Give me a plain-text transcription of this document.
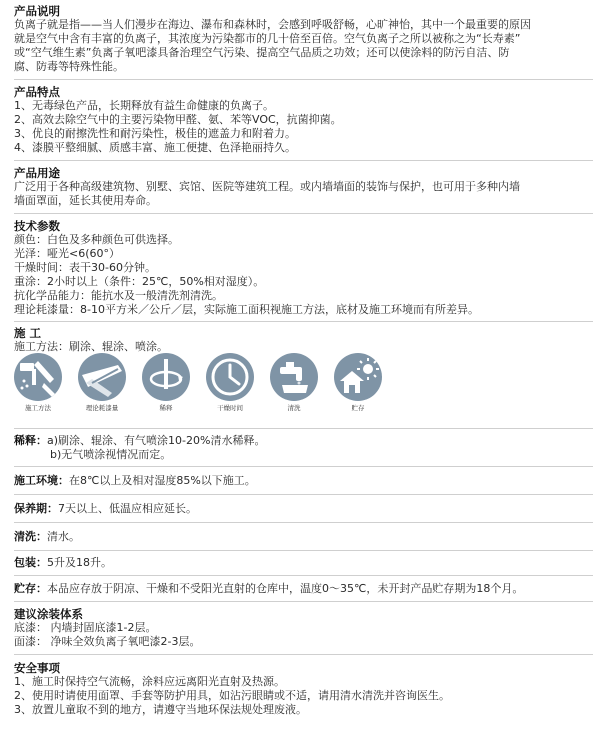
产品说明
负离子就是指——当人们漫步在海边、瀑布和森林时，会感到呼吸舒畅，心旷神怡，其中一个最重要的原因
就是空气中含有丰富的负离子，其浓度为污染都市的几十倍至百倍。空气负离子之所以被称之为“长寿素”
或“空气维生素”负离子氧吧漆具备治理空气污染、提高空气品质之功效；还可以使涂料的防污自洁、防
腐、防毒等特殊性能。
产品特点
1、无毒绿色产品，长期释放有益生命健康的负离子。
2、高效去除空气中的主要污染物甲醛、氨、苯等VOC，抗菌抑菌。
3、优良的耐擦洗性和耐污染性，极佳的遮盖力和附着力。
4、漆膜平整细腻、质感丰富、施工便捷、色泽艳丽持久。
产品用途
广泛用于各种高级建筑物、别墅、宾馆、医院等建筑工程。或内墙墙面的装饰与保护，也可用于多种内墙
墙面罩面，延长其使用寿命。
技术参数
颜色：白色及多种颜色可供选择。
光泽：哑光<6(60°）
干燥时间：表干30-60分钟。
重涂：2小时以上（条件：25℃，50%相对湿度）。
抗化学品能力：能抗水及一般清洗剂清洗。
理论耗漆量：8-10平方米／公斤／层，实际施工面积视施工方法，底材及施工环境而有所差异。
施 工
施工方法：刷涂、辊涂、喷涂。
施工方法	理论耗漆量	稀释	干燥时间	清洗	贮存
稀释：a)刷涂、辊涂、有气喷涂10-20%清水稀释。
b)无气喷涂视情况而定。
施工环境：在8℃以上及相对湿度85%以下施工。
保养期：7天以上、低温应相应延长。
清洗：清水。
包装：5升及18升。
贮存：本品应存放于阴凉、干燥和不受阳光直射的仓库中，温度0～35℃，未开封产品贮存期为18个月。
建议涂装体系
底漆： 内墙封固底漆1-2层。
面漆： 净味全效负离子氧吧漆2-3层。
安全事项
1、施工时保持空气流畅，涂料应远离阳光直射及热源。
2、使用时请使用面罩、手套等防护用具，如沾污眼睛或不适，请用清水清洗并咨询医生。
3、放置儿童取不到的地方，请遵守当地环保法规处理废液。
